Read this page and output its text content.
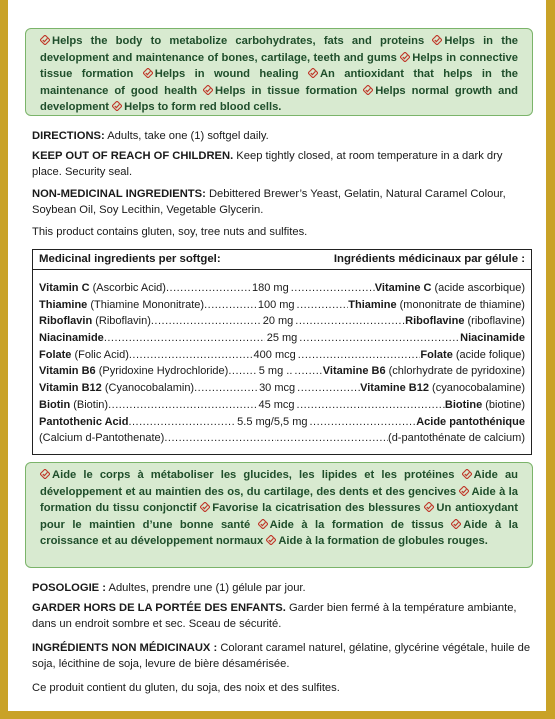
Helps the body to metabolize carbohydrates, fats and proteins
Helps in the development and maintenance of bones, cartilage, teeth and gums
Helps in connective tissue formation
Helps in wound healing
An antioxidant that helps in the maintenance of good health
Helps in tissue formation
Helps normal growth and development
Helps to form red blood cells.
DIRECTIONS: Adults, take one (1) softgel daily.
KEEP OUT OF REACH OF CHILDREN. Keep tightly closed, at room temperature in a dark dry place. Security seal.
NON-MEDICINAL INGREDIENTS: Debittered Brewer’s Yeast, Gelatin, Natural Caramel Colour, Soybean Oil, Soy Lecithin, Vegetable Glycerin.
This product contains gluten, soy, tree nuts and sulfites.
Medicinal ingredients per softgel:	Ingrédients médicinaux par gélule :
Vitamin C (Ascorbic Acid) .....	180 mg .....	Vitamine C (acide ascorbique)
Thiamine (Thiamine Mononitrate) .....	100 mg .....	Thiamine (mononitrate de thiamine)
Riboflavin (Riboflavin) .....	20 mg .....	Riboflavine (riboflavine)
Niacinamide .....	25 mg .....	Niacinamide
Folate (Folic Acid) .....	400 mcg .....	Folate (acide folique)
Vitamin B6 (Pyridoxine Hydrochloride) .....	5 mg .. .....	Vitamine B6 (chlorhydrate de pyridoxine)
Vitamin B12 (Cyanocobalamin) .....	30 mcg .....	Vitamine B12 (cyanocobalamine)
Biotin (Biotin) .....	45 mcg .....	Biotine (biotine)
Pantothenic Acid .....	5.5 mg/5,5 mg .....	Acide pantothénique
(Calcium d-Pantothenate) ..... .....	(d-pantothénate de calcium)
Aide le corps à métaboliser les glucides, les lipides et les protéines
Aide au développement et au maintien des os, du cartilage, des dents et des gencives
Aide à la formation du tissu conjonctif
Favorise la cicatrisation des blessures
Un antioxydant pour le maintien d’une bonne santé
Aide à la formation de tissus
Aide à la croissance et au développement normaux
Aide à la formation de globules rouges.
POSOLOGIE : Adultes, prendre une (1) gélule par jour.
GARDER HORS DE LA PORTÉE DES ENFANTS. Garder bien fermé à la température ambiante, dans un endroit sombre et sec. Sceau de sécurité.
INGRÉDIENTS NON MÉDICINAUX : Colorant caramel naturel, gélatine, glycérine végétale, huile de soja, lécithine de soja, levure de bière désamérisée.
Ce produit contient du gluten, du soja, des noix et des sulfites.
